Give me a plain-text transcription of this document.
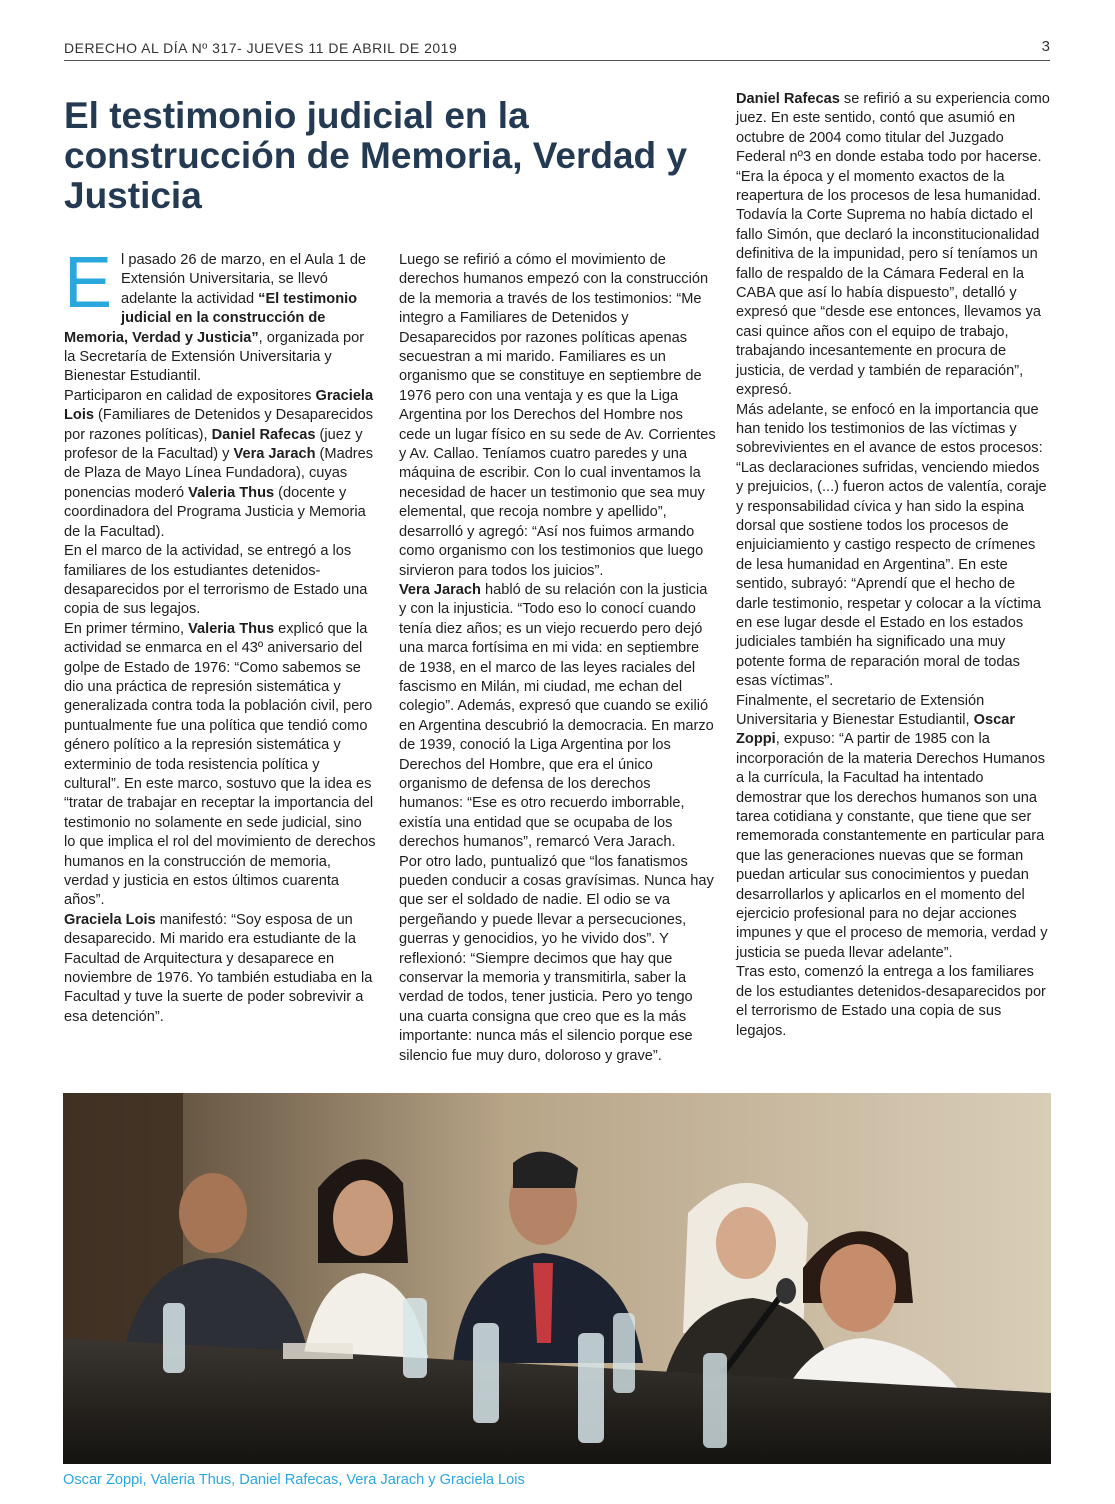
DERECHO AL DÍA Nº 317- JUEVES 11 DE ABRIL DE 2019	3
El testimonio judicial en la construcción de Memoria, Verdad y Justicia

El pasado 26 de marzo, en el Aula 1 de Extensión Universitaria, se llevó adelante la actividad “El testimonio judicial en la construcción de Memoria, Verdad y Justicia”, organizada por la Secretaría de Extensión Universitaria y Bienestar Estudiantil.

Participaron en calidad de expositores Graciela Lois (Familiares de Detenidos y Desaparecidos por razones políticas), Daniel Rafecas (juez y profesor de la Facultad) y Vera Jarach (Madres de Plaza de Mayo Línea Fundadora), cuyas ponencias moderó Valeria Thus (docente y coordinadora del Programa Justicia y Memoria de la Facultad).

En el marco de la actividad, se entregó a los familiares de los estudiantes detenidos-desaparecidos por el terrorismo de Estado una copia de sus legajos.

En primer término, Valeria Thus explicó que la actividad se enmarca en el 43º aniversario del golpe de Estado de 1976: “Como sabemos se dio una práctica de represión sistemática y generalizada contra toda la población civil, pero puntualmente fue una política que tendió como género político a la represión sistemática y exterminio de toda resistencia política y cultural”. En este marco, sostuvo que la idea es “tratar de trabajar en receptar la importancia del testimonio no solamente en sede judicial, sino lo que implica el rol del movimiento de derechos humanos en la construcción de memoria, verdad y justicia en estos últimos cuarenta años”.

Graciela Lois manifestó: “Soy esposa de un desaparecido. Mi marido era estudiante de la Facultad de Arquitectura y desaparece en noviembre de 1976. Yo también estudiaba en la Facultad y tuve la suerte de poder sobrevivir a esa detención”.

Luego se refirió a cómo el movimiento de derechos humanos empezó con la construcción de la memoria a través de los testimonios: “Me integro a Familiares de Detenidos y Desaparecidos por razones políticas apenas secuestran a mi marido. Familiares es un organismo que se constituye en septiembre de 1976 pero con una ventaja y es que la Liga Argentina por los Derechos del Hombre nos cede un lugar físico en su sede de Av. Corrientes y Av. Callao. Teníamos cuatro paredes y una máquina de escribir. Con lo cual inventamos la necesidad de hacer un testimonio que sea muy elemental, que recoja nombre y apellido”, desarrolló y agregó: “Así nos fuimos armando como organismo con los testimonios que luego sirvieron para todos los juicios”.

Vera Jarach habló de su relación con la justicia y con la injusticia. “Todo eso lo conocí cuando tenía diez años; es un viejo recuerdo pero dejó una marca fortísima en mi vida: en septiembre de 1938, en el marco de las leyes raciales del fascismo en Milán, mi ciudad, me echan del colegio”. Además, expresó que cuando se exilió en Argentina descubrió la democracia. En marzo de 1939, conoció la Liga Argentina por los Derechos del Hombre, que era el único organismo de defensa de los derechos humanos: “Ese es otro recuerdo imborrable, existía una entidad que se ocupaba de los derechos humanos”, remarcó Vera Jarach.

Por otro lado, puntualizó que “los fanatismos pueden conducir a cosas gravísimas. Nunca hay que ser el soldado de nadie. El odio se va pergeñando y puede llevar a persecuciones, guerras y genocidios, yo he vivido dos”. Y reflexionó: “Siempre decimos que hay que conservar la memoria y transmitirla, saber la verdad de todos, tener justicia. Pero yo tengo una cuarta consigna que creo que es la más importante: nunca más el silencio porque ese silencio fue muy duro, doloroso y grave”.

Daniel Rafecas se refirió a su experiencia como juez. En este sentido, contó que asumió en octubre de 2004 como titular del Juzgado Federal nº3 en donde estaba todo por hacerse. “Era la época y el momento exactos de la reapertura de los procesos de lesa humanidad. Todavía la Corte Suprema no había dictado el fallo Simón, que declaró la inconstitucionalidad definitiva de la impunidad, pero sí teníamos un fallo de respaldo de la Cámara Federal en la CABA que así lo había dispuesto”, detalló y expresó que “desde ese entonces, llevamos ya casi quince años con el equipo de trabajo, trabajando incesantemente en procura de justicia, de verdad y también de reparación”, expresó.

Más adelante, se enfocó en la importancia que han tenido los testimonios de las víctimas y sobrevivientes en el avance de estos procesos: “Las declaraciones sufridas, venciendo miedos y prejuicios, (...) fueron actos de valentía, coraje y responsabilidad cívica y han sido la espina dorsal que sostiene todos los procesos de enjuiciamiento y castigo respecto de crímenes de lesa humanidad en Argentina”. En este sentido, subrayó: “Aprendí que el hecho de darle testimonio, respetar y colocar a la víctima en ese lugar desde el Estado en los estados judiciales también ha significado una muy potente forma de reparación moral de todas esas víctimas”.

Finalmente, el secretario de Extensión Universitaria y Bienestar Estudiantil, Oscar Zoppi, expuso: “A partir de 1985 con la incorporación de la materia Derechos Humanos a la currícula, la Facultad ha intentado demostrar que los derechos humanos son una tarea cotidiana y constante, que tiene que ser rememorada constantemente en particular para que las generaciones nuevas que se forman puedan articular sus conocimientos y puedan desarrollarlos y aplicarlos en el momento del ejercicio profesional para no dejar acciones impunes y que el proceso de memoria, verdad y justicia se pueda llevar adelante”.

Tras esto, comenzó la entrega a los familiares de los estudiantes detenidos-desaparecidos por el terrorismo de Estado una copia de sus legajos.

Oscar Zoppi, Valeria Thus, Daniel Rafecas, Vera Jarach y Graciela Lois
